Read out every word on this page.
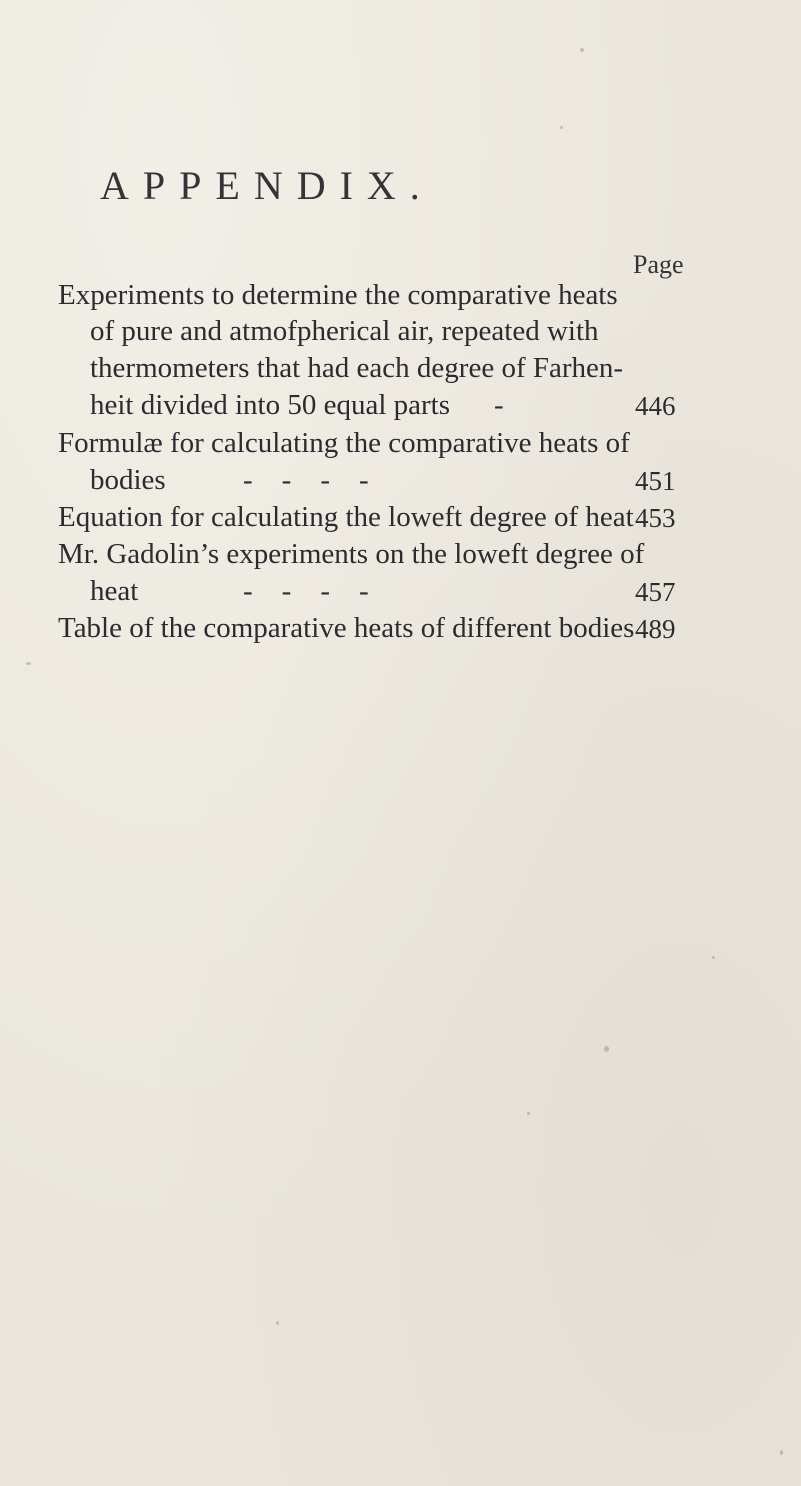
APPENDIX.
Page
Experiments to determine the comparative heats
of pure and atmofpherical air, repeated with
thermometers that had each degree of Farhen-
heit divided into 50 equal parts -	446
Formulæ for calculating the comparative heats of
bodies	-    -    -    -	451
Equation for calculating the loweft degree of heat 453
Mr. Gadolin’s experiments on the loweft degree of
heat	-    -    -    -	457
Table of the comparative heats of different bodies 489
